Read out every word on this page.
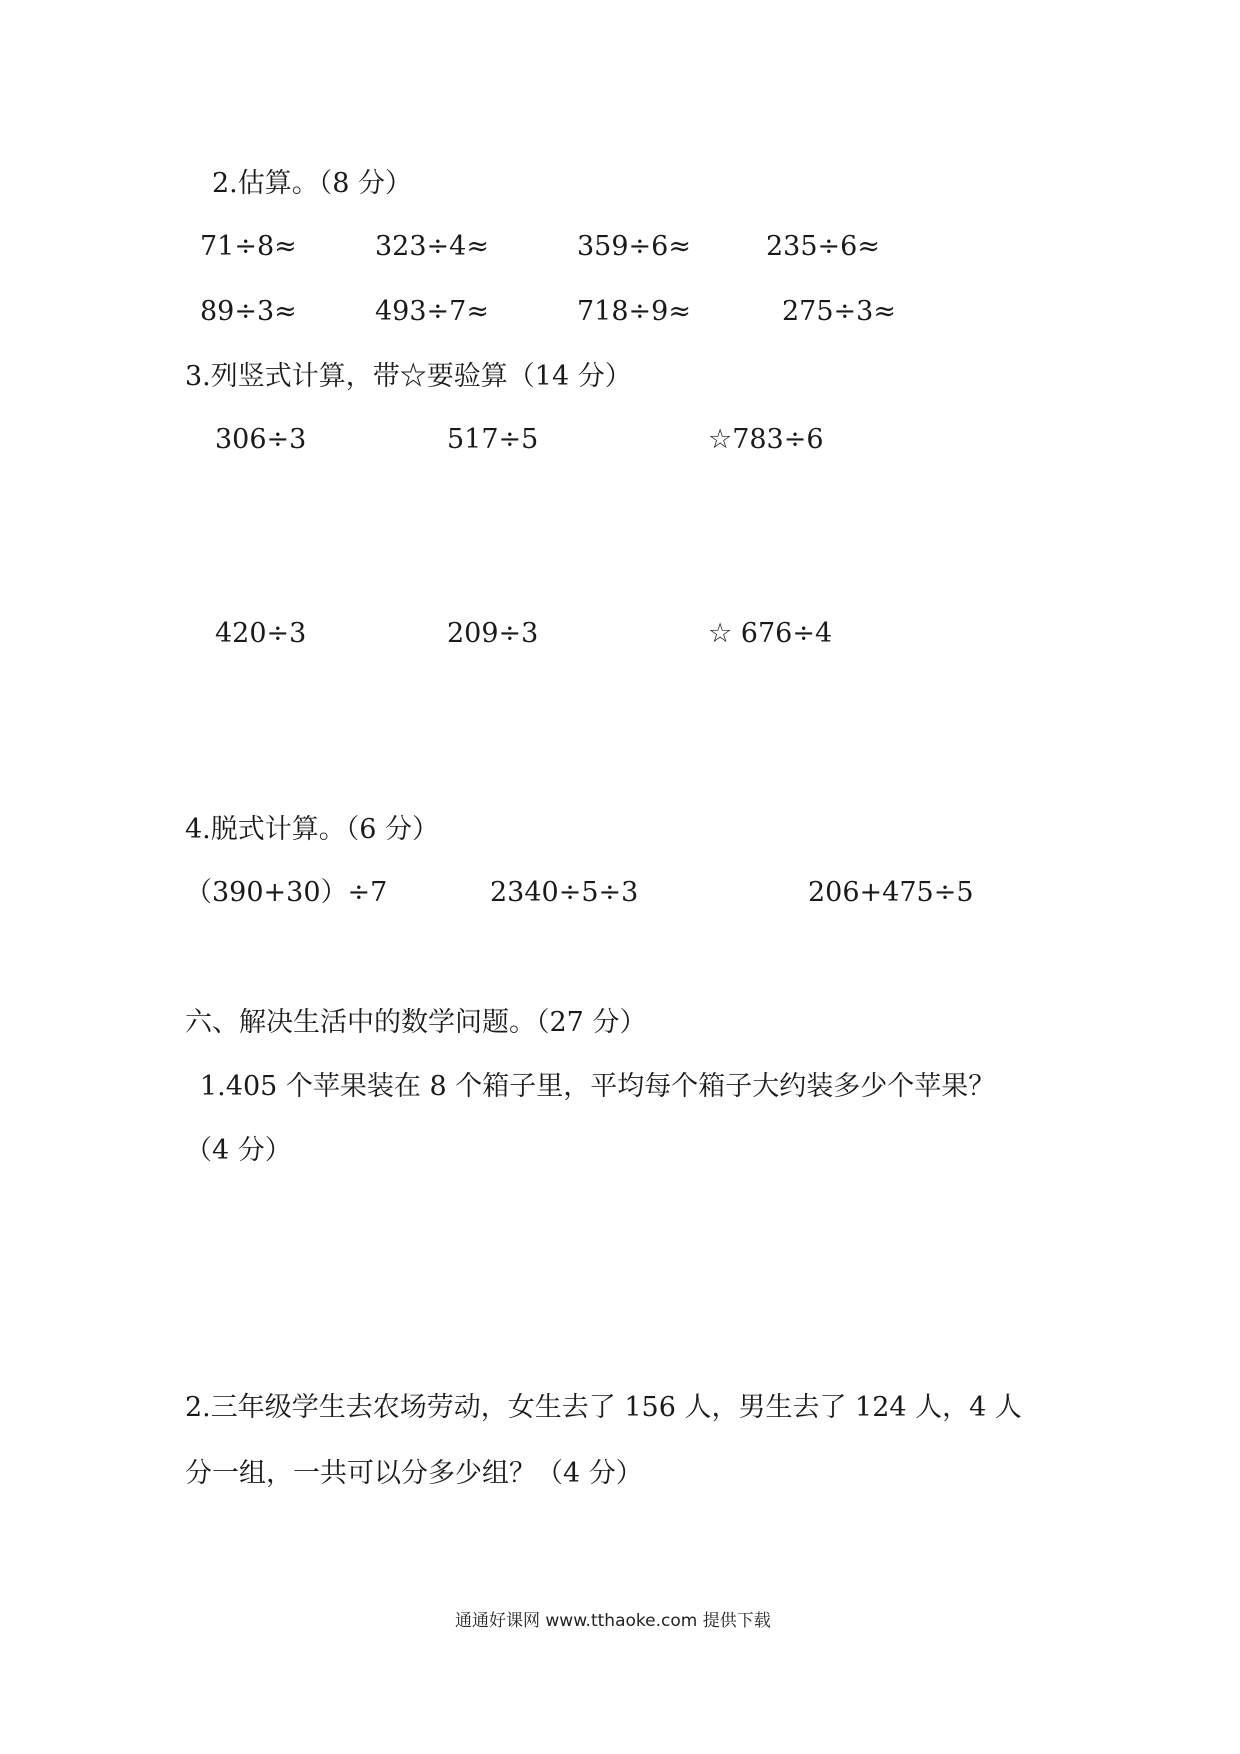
2.估算。（8 分）
71÷8≈	323÷4≈	359÷6≈	235÷6≈
89÷3≈	493÷7≈	718÷9≈	275÷3≈
3.列竖式计算，带☆要验算（14 分）
306÷3	517÷5	☆783÷6
420÷3	209÷3	☆ 676÷4
4.脱式计算。（6 分）
（390+30）÷7	2340÷5÷3	206+475÷5
六、解决生活中的数学问题。（27 分）
1.405 个苹果装在 8 个箱子里，平均每个箱子大约装多少个苹果？
（4 分）
2.三年级学生去农场劳动，女生去了 156 人，男生去了 124 人，4 人
分一组，一共可以分多少组？（4 分）
通通好课网 www.tthaoke.com 提供下载
